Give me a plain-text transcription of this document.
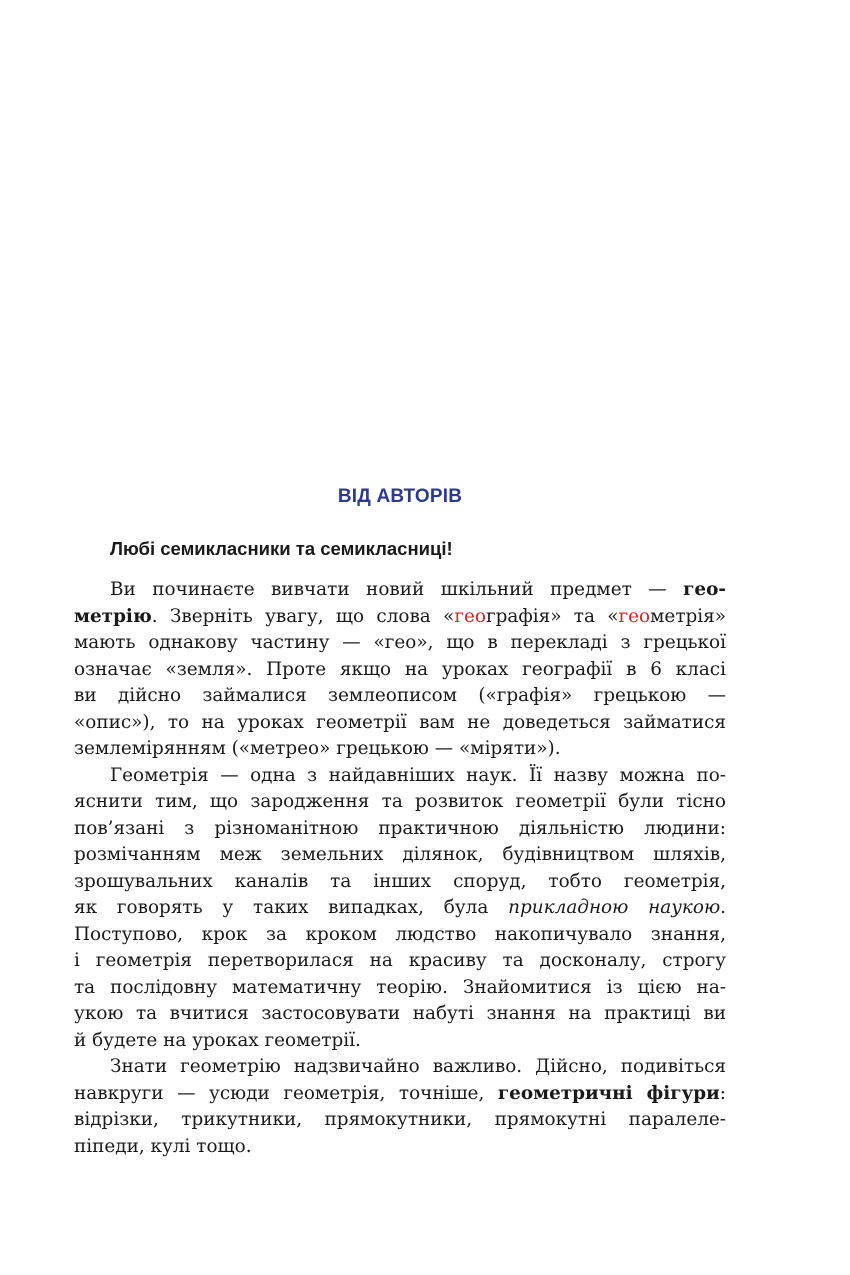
ВІД АВТОРІВ
Любі семикласники та семикласниці!
Ви починаєте вивчати новий шкільний предмет — гео-
метрію. Зверніть увагу, що слова «географія» та «геометрія»
мають однакову частину — «гео», що в перекладі з грецької
означає «земля». Проте якщо на уроках географії в 6 класі
ви дійсно займалися землеописом («графія» грецькою —
«опис»), то на уроках геометрії вам не доведеться займатися
землемірянням («метрео» грецькою — «міряти»).
Геометрія — одна з найдавніших наук. Її назву можна по-
яснити тим, що зародження та розвиток геометрії були тісно
пов’язані з різноманітною практичною діяльністю людини:
розмічанням меж земельних ділянок, будівництвом шляхів,
зрошувальних каналів та інших споруд, тобто геометрія,
як говорять у таких випадках, була прикладною наукою.
Поступово, крок за кроком людство накопичувало знання,
і геометрія перетворилася на красиву та досконалу, строгу
та послідовну математичну теорію. Знайомитися із цією на-
укою та вчитися застосовувати набуті знання на практиці ви
й будете на уроках геометрії.
Знати геометрію надзвичайно важливо. Дійсно, подивіться
навкруги — усюди геометрія, точніше, геометричні фігури:
відрізки, трикутники, прямокутники, прямокутні паралеле-
піпеди, кулі тощо.
